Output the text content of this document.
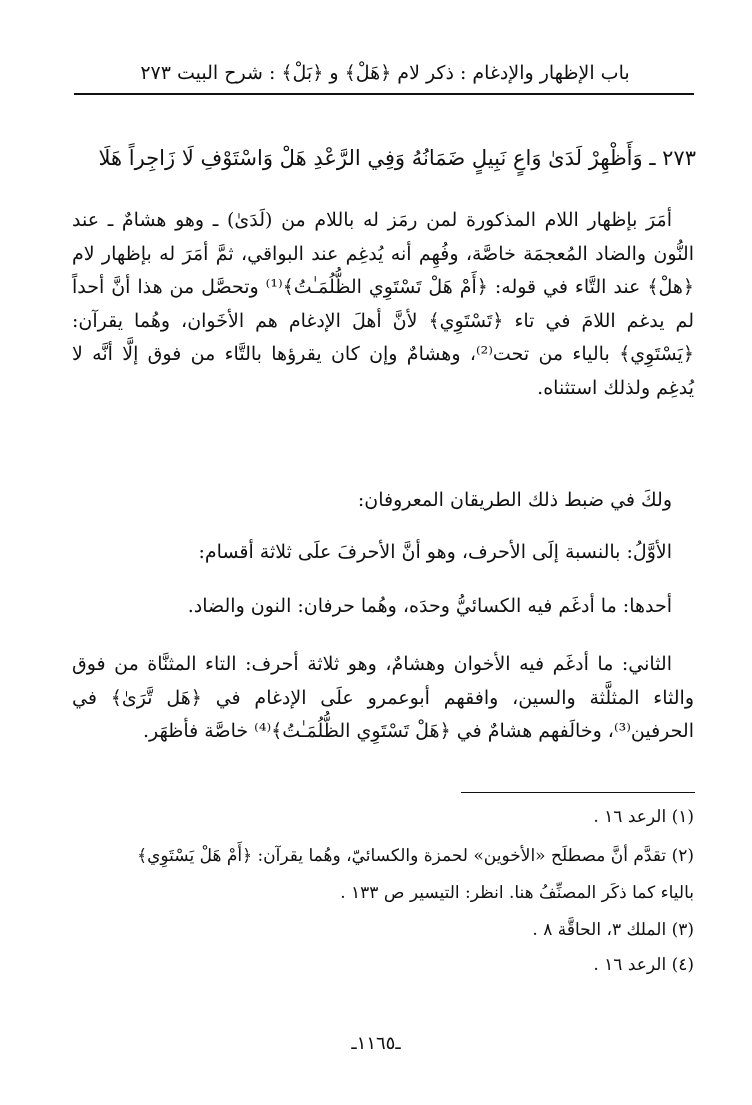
باب الإظهار والإدغام : ذكر لام ﴿هَلْ﴾ و ﴿بَلْ﴾ : شرح البيت ٢٧٣
٢٧٣ ـ وَأَظْهِرْ لَدَىٰ وَاعٍ نَبِيلٍ ضَمَانُهُ وَفِي الرَّعْدِ هَلْ وَاسْتَوْفِ لَا زَاجِراً هَلَا

أمَرَ بإظهار اللام المذكورة لمن رمَز له باللام من (لَدَىٰ) ـ وهو هشامٌ ـ عند النُّون والضاد المُعجمَة خاصَّة، وفُهِم أنه يُدغِم عند البواقي، ثمَّ أمَرَ له بإظهار لام ﴿هلْ﴾ عند التَّاء في قوله: ﴿أَمْ هَلْ تَسْتَوِي الظُّلُمَـٰتُ﴾⁽¹⁾ وتحصَّل من هذا أنَّ أحداً لم يدغم اللامَ في تاء ﴿تَسْتَوِي﴾ لأنَّ أهلَ الإدغام هم الأخَوان، وهُما يقرآن: ﴿يَسْتَوِي﴾ بالياء من تحت⁽²⁾، وهشامٌ وإن كان يقرؤها بالتَّاء من فوق إلَّا أنَّه لا يُدغِم ولذلك استثناه.

ولكَ في ضبط ذلك الطريقان المعروفان:

الأوَّلُ: بالنسبة إلَى الأحرف، وهو أنَّ الأحرفَ علَى ثلاثة أقسام:

أحدها: ما أدغَم فيه الكسائيُّ وحدَه، وهُما حرفان: النون والضاد.

الثاني: ما أدغَم فيه الأخوان وهشامٌ، وهو ثلاثة أحرف: التاء المثنَّاة من فوق والثاء المثلَّثة والسين، وافقهم أبوعمرو علَى الإدغام في ﴿هَل تَّرَىٰ﴾ في الحرفين⁽³⁾، وخالَفهم هشامٌ في ﴿هَلْ تَسْتَوِي الظُّلُمَـٰتُ﴾⁽⁴⁾ خاصَّة فأظهَر.

(١) الرعد ١٦ .

(٢) تقدَّم أنَّ مصطلَح «الأخوين» لحمزة والكسائيّ، وهُما يقرآن: ﴿أَمْ هَلْ يَسْتَوِي﴾

بالياء كما ذكَر المصنِّفُ هنا. انظر: التيسير ص ١٣٣ .

(٣) الملك ٣، الحاقَّة ٨ .

(٤) الرعد ١٦ .

ـ١١٦٥ـ
